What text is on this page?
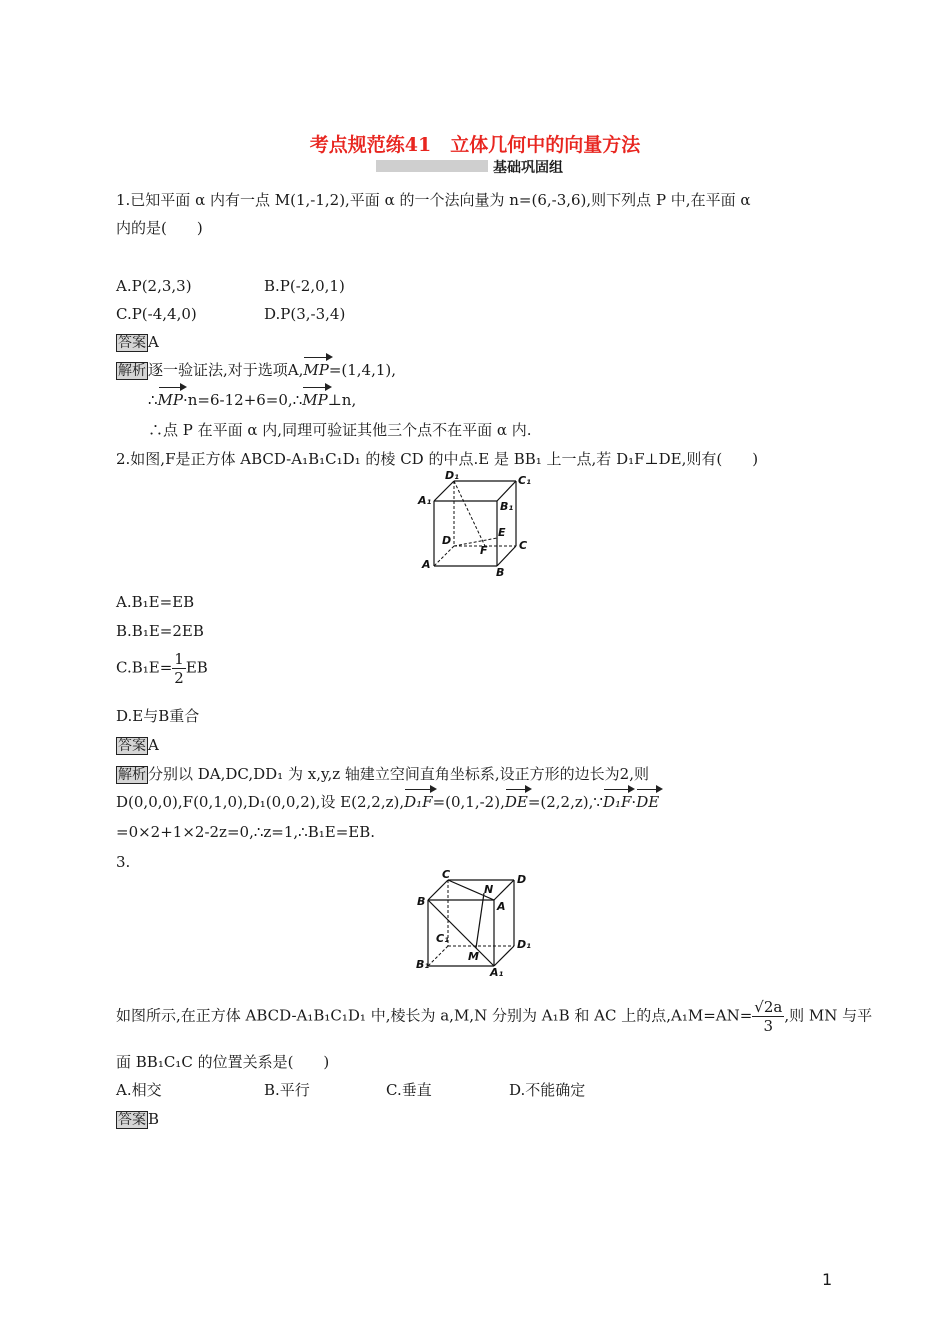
考点规范练41　立体几何中的向量方法
基础巩固组
1.已知平面 α 内有一点 M(1,-1,2),平面 α 的一个法向量为 n=(6,-3,6),则下列点 P 中,在平面 α
内的是(　　)
A.P(2,3,3)	B.P(-2,0,1)
C.P(-4,4,0)	D.P(3,-3,4)
答案 A
解析 逐一验证法,对于选项A,MP=(1,4,1),
∴MP·n=6-12+6=0,∴MP⊥n,
∴点 P 在平面 α 内,同理可验证其他三个点不在平面 α 内.
2.如图,F是正方体 ABCD-A₁B₁C₁D₁ 的棱 CD 的中点.E 是 BB₁ 上一点,若 D₁F⊥DE,则有(　　)
D₁	C₁
A₁	B₁
E
D
F	C
A
B
A.B₁E=EB
B.B₁E=2EB
$C.B_1E= \frac{1}{2}$ EB
D.E与B重合
答案 A
解析 分别以 DA,DC,DD₁ 为 x,y,z 轴建立空间直角坐标系,设正方形的边长为2,则
D(0,0,0),F(0,1,0),D₁(0,0,2),设 E(2,2,z),D₁F=(0,1,-2),DE=(2,2,z),∵D₁F·DE
=0×2+1×2-2z=0,∴z=1,∴B₁E=EB.
3.
C
N
D
B	A
C₁	D₁
B₁
M
A₁
如图所示,在正方体 ABCD-A₁B₁C₁D₁ 中,棱长为 a,M,N 分别为 A₁B 和 AC 上的点$,A_1M=AN= \frac{√2a}{3}$ ,则 MN 与平
面 BB₁C₁C 的位置关系是(　　)
A.相交	B.平行	C.垂直	D.不能确定
答案 B
1
